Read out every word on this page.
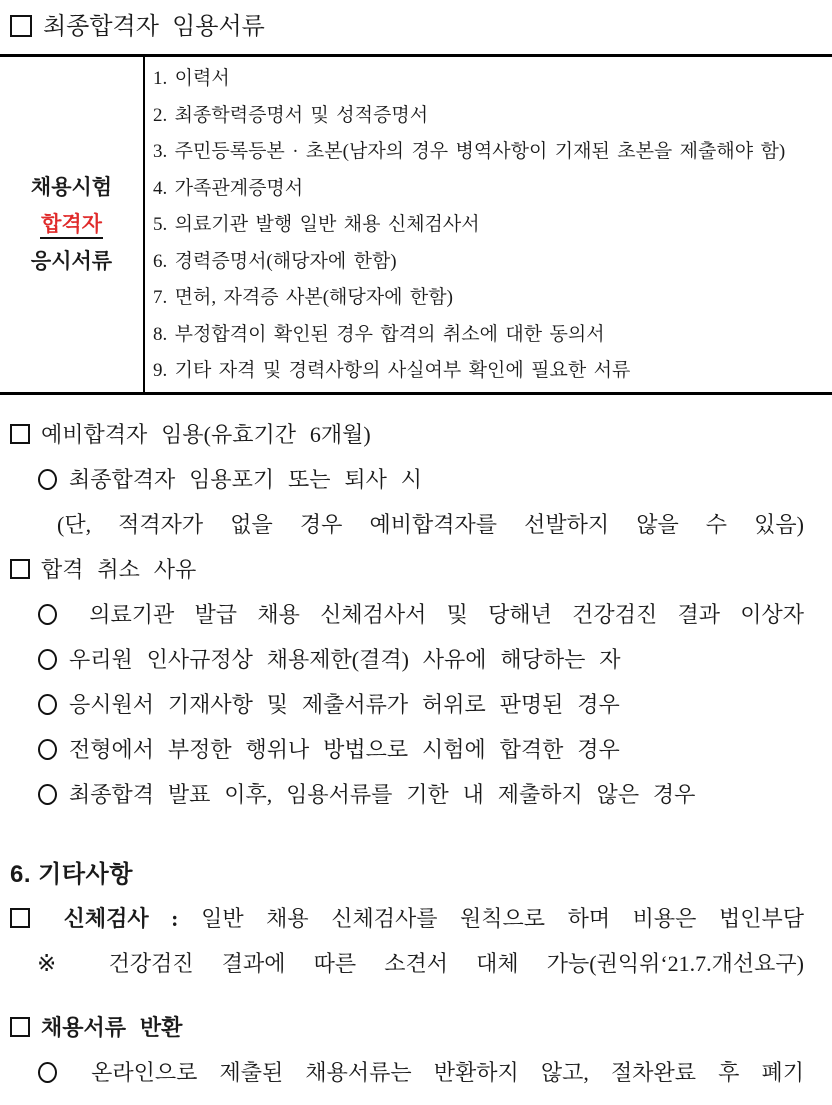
최종합격자 임용서류
채용시험
합격자
응시서류
1. 이력서
2. 최종학력증명서 및 성적증명서
3. 주민등록등본 · 초본(남자의 경우 병역사항이 기재된 초본을 제출해야 함)
4. 가족관계증명서
5. 의료기관 발행 일반 채용 신체검사서
6. 경력증명서(해당자에 한함)
7. 면허, 자격증 사본(해당자에 한함)
8. 부정합격이 확인된 경우 합격의 취소에 대한 동의서
9. 기타 자격 및 경력사항의 사실여부 확인에 필요한 서류
예비합격자 임용(유효기간 6개월)
최종합격자 임용포기 또는 퇴사 시
(단, 적격자가 없을 경우 예비합격자를 선발하지 않을 수 있음)
합격 취소 사유
의료기관 발급 채용 신체검사서 및 당해년 건강검진 결과 이상자
우리원 인사규정상 채용제한(결격) 사유에 해당하는 자
응시원서 기재사항 및 제출서류가 허위로 판명된 경우
전형에서 부정한 행위나 방법으로 시험에 합격한 경우
최종합격 발표 이후, 임용서류를 기한 내 제출하지 않은 경우
6. 기타사항
신체검사 : 일반 채용 신체검사를 원칙으로 하며 비용은 법인부담
※ 건강검진 결과에 따른 소견서 대체 가능(권익위‘21.7.개선요구)
채용서류 반환
온라인으로 제출된 채용서류는 반환하지 않고, 절차완료 후 폐기
